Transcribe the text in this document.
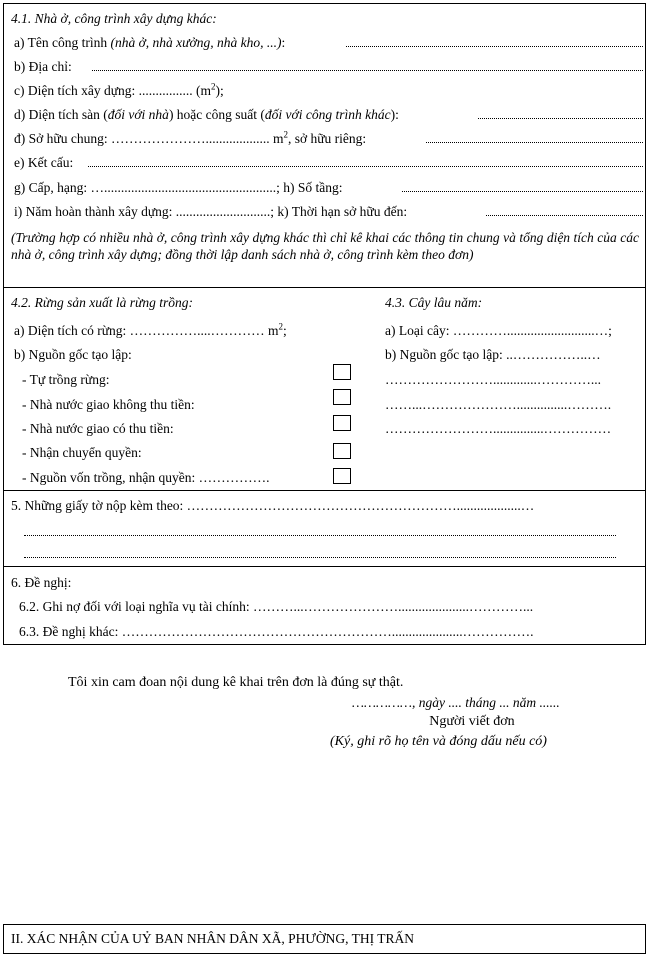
4.1. Nhà ở, công trình xây dựng khác:
a) Tên công trình (nhà ở, nhà xưởng, nhà kho, ...):
b) Địa chỉ:
c) Diện tích xây dựng: ................ $(m^2)$;
d) Diện tích sàn (đối với nhà) hoặc công suất (đối với công trình khác):
đ) Sở hữu chung: …………………................... $m^2$, sở hữu riêng:
e) Kết cấu:
g) Cấp, hạng: …...................................................; h) Số tầng:
i) Năm hoàn thành xây dựng: ............................; k) Thời hạn sở hữu đến:
(Trường hợp có nhiều nhà ở, công trình xây dựng khác thì chỉ kê khai các thông tin chung và tổng diện tích của các nhà ở, công trình xây dựng; đồng thời lập danh sách nhà ở, công trình kèm theo đơn)
4.2. Rừng sản xuất là rừng trồng:	4.3. Cây lâu năm:
a) Diện tích có rừng: ……………....………… $m^2$;	a) Loại cây: …………..........................…;
b) Nguồn gốc tạo lập:	b) Nguồn gốc tạo lập: ..……………..…
- Tự trồng rừng:	…………………….............…………...
- Nhà nước giao không thu tiền:	……...…………………...............……….
- Nhà nước giao có thu tiền:	……………………...............……………
- Nhận chuyển quyền:
- Nguồn vốn trồng, nhận quyền: …………….
5. Những giấy tờ nộp kèm theo: ……………………………………………………...................…
6. Đề nghị:
6.2. Ghi nợ đối với loại nghĩa vụ tài chính: ………...………………….....................…………...
6.3. Đề nghị khác: …………………………………………………….....................…………….
Tôi xin cam đoan nội dung kê khai trên đơn là đúng sự thật.
……………, ngày .... tháng ... năm ......
Người viết đơn
(Ký, ghi rõ họ tên và đóng dấu nếu có)
II. XÁC NHẬN CỦA UỶ BAN NHÂN DÂN XÃ, PHƯỜNG, THỊ TRẤN
